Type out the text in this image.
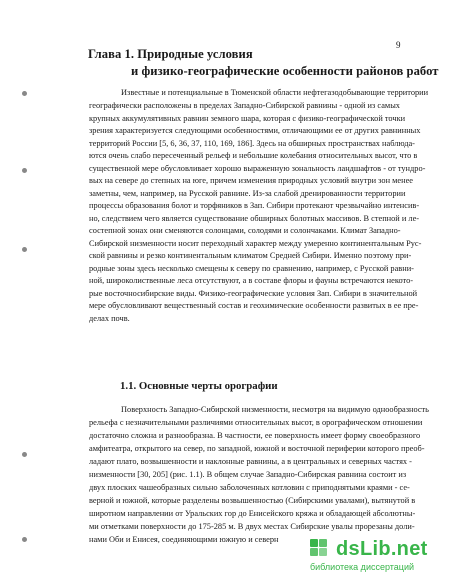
9
Глава 1. Природные условия
и физико-географические особенности районов работ
Известные и потенциальные в Тюменской области нефтегазодобывающие территории
географически расположены в пределах Западно-Сибирской равнины - одной из самых
крупных аккумулятивных равнин земного шара, которая с физико-географической точки
зрения характеризуется следующими особенностями, отличающими ее от других равнинных
территорий России [5, 6, 36, 37, 110, 169, 186]. Здесь на обширных пространствах наблюда-
ются очень слабо пересеченный рельеф и небольшие колебания относительных высот, что в
существенной мере обусловливает хорошо выраженную зональность ландшафтов - от тундро-
вых на севере до степных на юге, причем изменения природных условий внутри зон менее
заметны, чем, например, на Русской равнине. Из-за слабой дренированности территории
процессы образования болот и торфяников в Зап. Сибири протекают чрезвычайно интенсив-
но, следствием чего является существование обширных болотных массивов. В степной и ле-
состепной зонах они сменяются солонцами, солодями и солончаками. Климат Западно-
Сибирской низменности носит переходный характер между умеренно континентальным Рус-
ской равнины и резко континентальным климатом Средней Сибири. Именно поэтому при-
родные зоны здесь несколько смещены к северу по сравнению, например, с Русской равни-
ной, широколиственные леса отсутствуют, а в составе флоры и фауны встречаются некото-
рые восточносибирские виды. Физико-географические условия Зап. Сибири в значительной
мере обусловливают вещественный состав и геохимические особенности развитых в ее пре-
делах почв.
1.1. Основные черты орографии
Поверхность Западно-Сибирской низменности, несмотря на видимую однообразность
рельефа с незначительными различиями относительных высот, в орографическом отношении
достаточно сложна и разнообразна. В частности, ее поверхность имеет форму своеобразного
амфитеатра, открытого на север, по западной, южной и восточной периферии которого преоб-
ладают плато, возвышенности и наклонные равнины, а в центральных и северных частях -
низменности [30, 205] (рис. 1.1). В общем случае Западно-Сибирская равнина состоит из
двух плоских чашеобразных сильно заболоченных котловин с приподнятыми краями - се-
верной и южной, которые разделены возвышенностью (Сибирскими увалами), вытянутой в
широтном направлении от Уральских гор до Енисейского кряжа и обладающей абсолютны-
ми отметками поверхности до 175-285 м. В двух местах Сибирские увалы прорезаны доли-
нами Оби и Енисея, соединяющими южную и северн	dsLib.net
библиотека диссертаций
